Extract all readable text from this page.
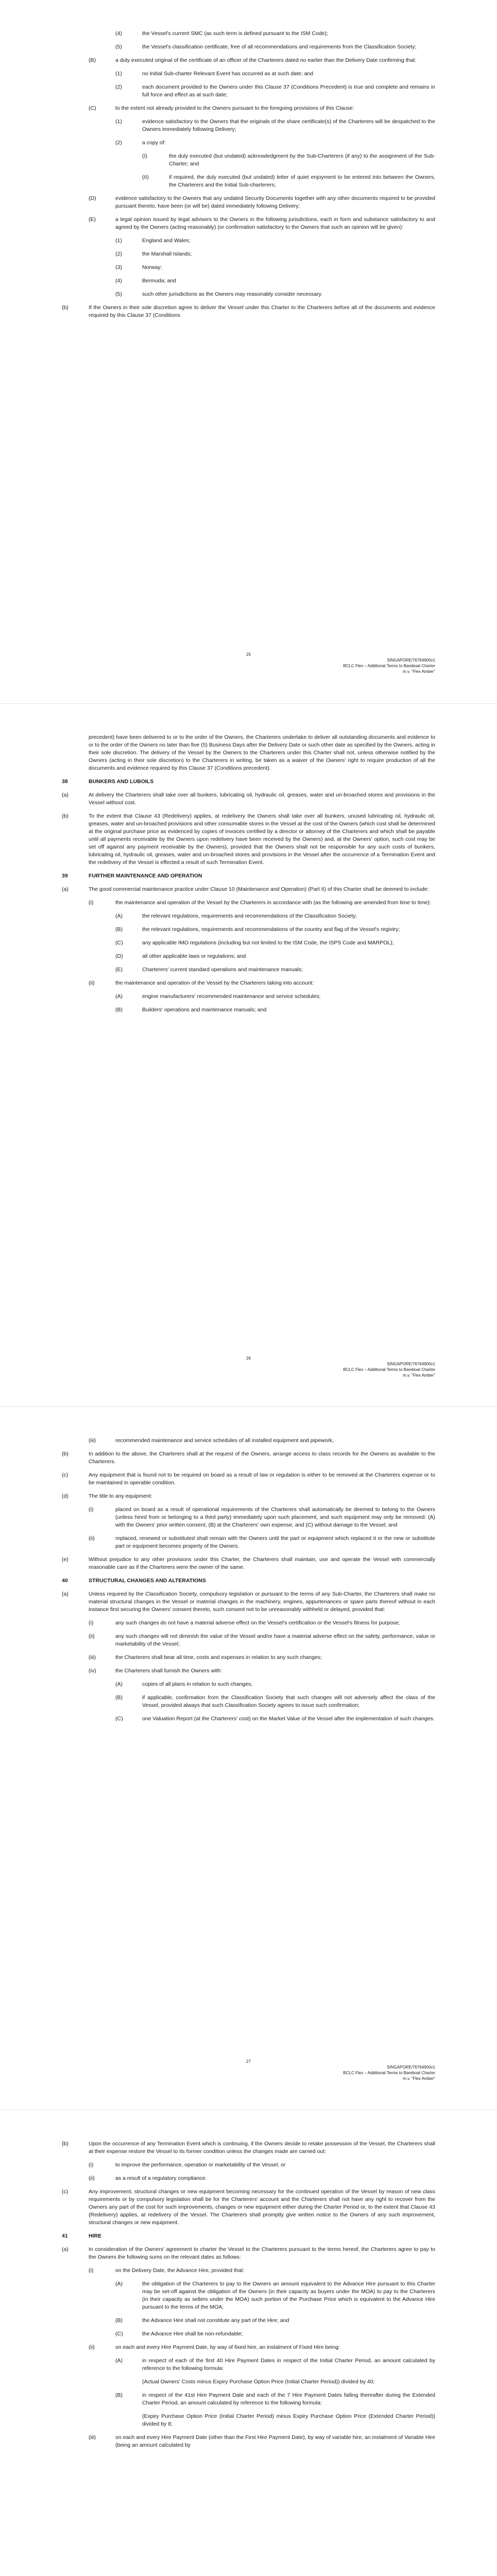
(4)	the Vessel's current SMC (as such term is defined pursuant to the ISM Code);
(5)	the Vessel's classification certificate, free of all recommendations and requirements from the Classification Society;
(B)	a duly executed original of the certificate of an officer of the Charterers dated no earlier than the Delivery Date confirming that:
(1)	no Initial Sub-charter Relevant Event has occurred as at such date; and
(2)	each document provided to the Owners under this Clause 37 (Conditions Precedent) is true and complete and remains in full force and effect as at such date;
(C)	to the extent not already provided to the Owners pursuant to the foregoing provisions of this Clause:
(1)	evidence satisfactory to the Owners that the originals of the share certificate(s) of the Charterers will be despatched to the Owners immediately following Delivery;
(2)	a copy of:
(I)	the duly executed (but undated) acknowledgment by the Sub-Charterers (if any) to the assignment of the Sub-Charter; and
(II)	if required, the duly executed (but undated) letter of quiet enjoyment to be entered into between the Owners, the Charterers and the Initial Sub-charterers;
(D)	evidence satisfactory to the Owners that any undated Security Documents together with any other documents required to be provided pursuant thereto, have been (or will be) dated immediately following Delivery;
(E)	a legal opinion issued by legal advisers to the Owners in the following jurisdictions, each in form and substance satisfactory to and agreed by the Owners (acting reasonably) (or confirmation satisfactory to the Owners that such an opinion will be given):
(1)	England and Wales;
(2)	the Marshall Islands;
(3)	Norway;
(4)	Bermuda; and
(5)	such other jurisdictions as the Owners may reasonably consider necessary.
(b)	If the Owners in their sole discretion agree to deliver the Vessel under this Charter to the Charterers before all of the documents and evidence required by this Clause 37 (Conditions
25
SINGAPORE/76764900v1
BCLC Flex – Additional Terms to Bareboat Charter
m.v. "Flex Amber"
precedent) have been delivered to or to the order of the Owners, the Charterers undertake to deliver all outstanding documents and evidence to or to the order of the Owners no later than five (5) Business Days after the Delivery Date or such other date as specified by the Owners, acting in their sole discretion. The delivery of the Vessel by the Owners to the Charterers under this Charter shall not, unless otherwise notified by the Owners (acting in their sole discretion) to the Charterers in writing, be taken as a waiver of the Owners' right to require production of all the documents and evidence required by this Clause 37 (Conditions precedent).
38	BUNKERS AND LUBOILS
(a)	At delivery the Charterers shall take over all bunkers, lubricating oil, hydraulic oil, greases, water and un-broached stores and provisions in the Vessel without cost.
(b)	To the extent that Clause 43 (Redelivery) applies, at redelivery the Owners shall take over all bunkers, unused lubricating oil, hydraulic oil, greases, water and un-broached provisions and other consumable stores in the Vessel at the cost of the Owners (which cost shall be determined at the original purchase price as evidenced by copies of invoices certified by a director or attorney of the Charterers and which shall be payable until all payments receivable by the Owners upon redelivery have been received by the Owners) and, at the Owners' option, such cost may be set off against any payment receivable by the Owners), provided that the Owners shall not be responsible for any such costs of bunkers, lubricating oil, hydraulic oil, greases, water and un-broached stores and provisions in the Vessel after the occurrence of a Termination Event and the redelivery of the Vessel is effected a result of such Termination Event.
39	FURTHER MAINTENANCE AND OPERATION
(a)	The good commercial maintenance practice under Clause 10 (Maintenance and Operation) (Part II) of this Charter shall be deemed to include:
(i)	the maintenance and operation of the Vessel by the Charterers in accordance with (as the following are amended from time to time):
(A)	the relevant regulations, requirements and recommendations of the Classification Society;
(B)	the relevant regulations, requirements and recommendations of the country and flag of the Vessel's registry;
(C)	any applicable IMO regulations (including but not limited to the ISM Code, the ISPS Code and MARPOL);
(D)	all other applicable laws or regulations; and
(E)	Charterers' current standard operations and maintenance manuals;
(ii)	the maintenance and operation of the Vessel by the Charterers taking into account:
(A)	engine manufacturers' recommended maintenance and service schedules;
(B)	Builders' operations and maintenance manuals; and
26
SINGAPORE/76764900v1
BCLC Flex – Additional Terms to Bareboat Charter
m.v. "Flex Amber"
(iii)	recommended maintenance and service schedules of all installed equipment and pipework,
(b)	In addition to the above, the Charterers shall at the request of the Owners, arrange access to class records for the Owners as available to the Charterers.
(c)	Any equipment that is found not to be required on board as a result of law or regulation is either to be removed at the Charterers expense or to be maintained in operable condition.
(d)	The title to any equipment:
(i)	placed on board as a result of operational requirements of the Charterers shall automatically be deemed to belong to the Owners (unless hired from or belonging to a third party) immediately upon such placement, and such equipment may only be removed: (A) with the Owners' prior written consent, (B) at the Charterers' own expense, and (C) without damage to the Vessel; and
(ii)	replaced, renewed or substituted shall remain with the Owners until the part or equipment which replaced it or the new or substitute part or equipment becomes property of the Owners.
(e)	Without prejudice to any other provisions under this Charter, the Charterers shall maintain, use and operate the Vessel with commercially reasonable care as if the Charterers were the owner of the same.
40	STRUCTURAL CHANGES AND ALTERATIONS
(a)	Unless required by the Classification Society, compulsory legislation or pursuant to the terms of any Sub-Charter, the Charterers shall make no material structural changes in the Vessel or material changes in the machinery, engines, appurtenances or spare parts thereof without in each instance first securing the Owners' consent thereto, such consent not to be unreasonably withheld or delayed, provided that:
(i)	any such changes do not have a material adverse effect on the Vessel's certification or the Vessel's fitness for purpose;
(ii)	any such changes will not diminish the value of the Vessel and/or have a material adverse effect on the safety, performance, value or marketability of the Vessel;
(iii)	the Charterers shall bear all time, costs and expenses in relation to any such changes;
(iv)	the Charterers shall furnish the Owners with:
(A)	copies of all plans in relation to such changes;
(B)	if applicable, confirmation from the Classification Society that such changes will not adversely affect the class of the Vessel, provided always that such Classification Society agrees to issue such confirmation;
(C)	one Valuation Report (at the Charterers' cost) on the Market Value of the Vessel after the implementation of such changes.
27
SINGAPORE/76764900v1
BCLC Flex – Additional Terms to Bareboat Charter
m.v. "Flex Amber"
(b)	Upon the occurrence of any Termination Event which is continuing, if the Owners decide to retake possession of the Vessel, the Charterers shall at their expense restore the Vessel to its former condition unless the changes made are carried out:
(i)	to improve the performance, operation or marketability of the Vessel; or
(ii)	as a result of a regulatory compliance.
(c)	Any improvement, structural changes or new equipment becoming necessary for the continued operation of the Vessel by reason of new class requirements or by compulsory legislation shall be for the Charterers' account and the Charterers shall not have any right to recover from the Owners any part of the cost for such improvements, changes or new equipment either during the Charter Period or, to the extent that Clause 43 (Redelivery) applies, at redelivery of the Vessel. The Charterers shall promptly give written notice to the Owners of any such improvement, structural changes or new equipment.
41	HIRE
(a)	In consideration of the Owners' agreement to charter the Vessel to the Charterers pursuant to the terms hereof, the Charterers agree to pay to the Owners the following sums on the relevant dates as follows:
(i)	on the Delivery Date, the Advance Hire, provided that:
(A)	the obligation of the Charterers to pay to the Owners an amount equivalent to the Advance Hire pursuant to this Charter may be set-off against the obligation of the Owners (in their capacity as buyers under the MOA) to pay to the Charterers (in their capacity as sellers under the MOA) such portion of the Purchase Price which is equivalent to the Advance Hire pursuant to the terms of the MOA;
(B)	the Advance Hire shall not constitute any part of the Hire; and
(C)	the Advance Hire shall be non-refundable;
(ii)	on each and every Hire Payment Date, by way of fixed hire, an instalment of Fixed Hire being:
(A)	in respect of each of the first 40 Hire Payment Dates in respect of the Initial Charter Period, an amount calculated by reference to the following formula:
(Actual Owners' Costs minus Expiry Purchase Option Price (Initial Charter Period)) divided by 40;
(B)	in respect of the 41st Hire Payment Date and each of the 7 Hire Payment Dates falling thereafter during the Extended Charter Period, an amount calculated by reference to the following formula:
(Expiry Purchase Option Price (Initial Charter Period) minus Expiry Purchase Option Price (Extended Charter Period)) divided by 8;
(iii)	on each and every Hire Payment Date (other than the First Hire Payment Date), by way of variable hire, an instalment of Variable Hire (being an amount calculated by
